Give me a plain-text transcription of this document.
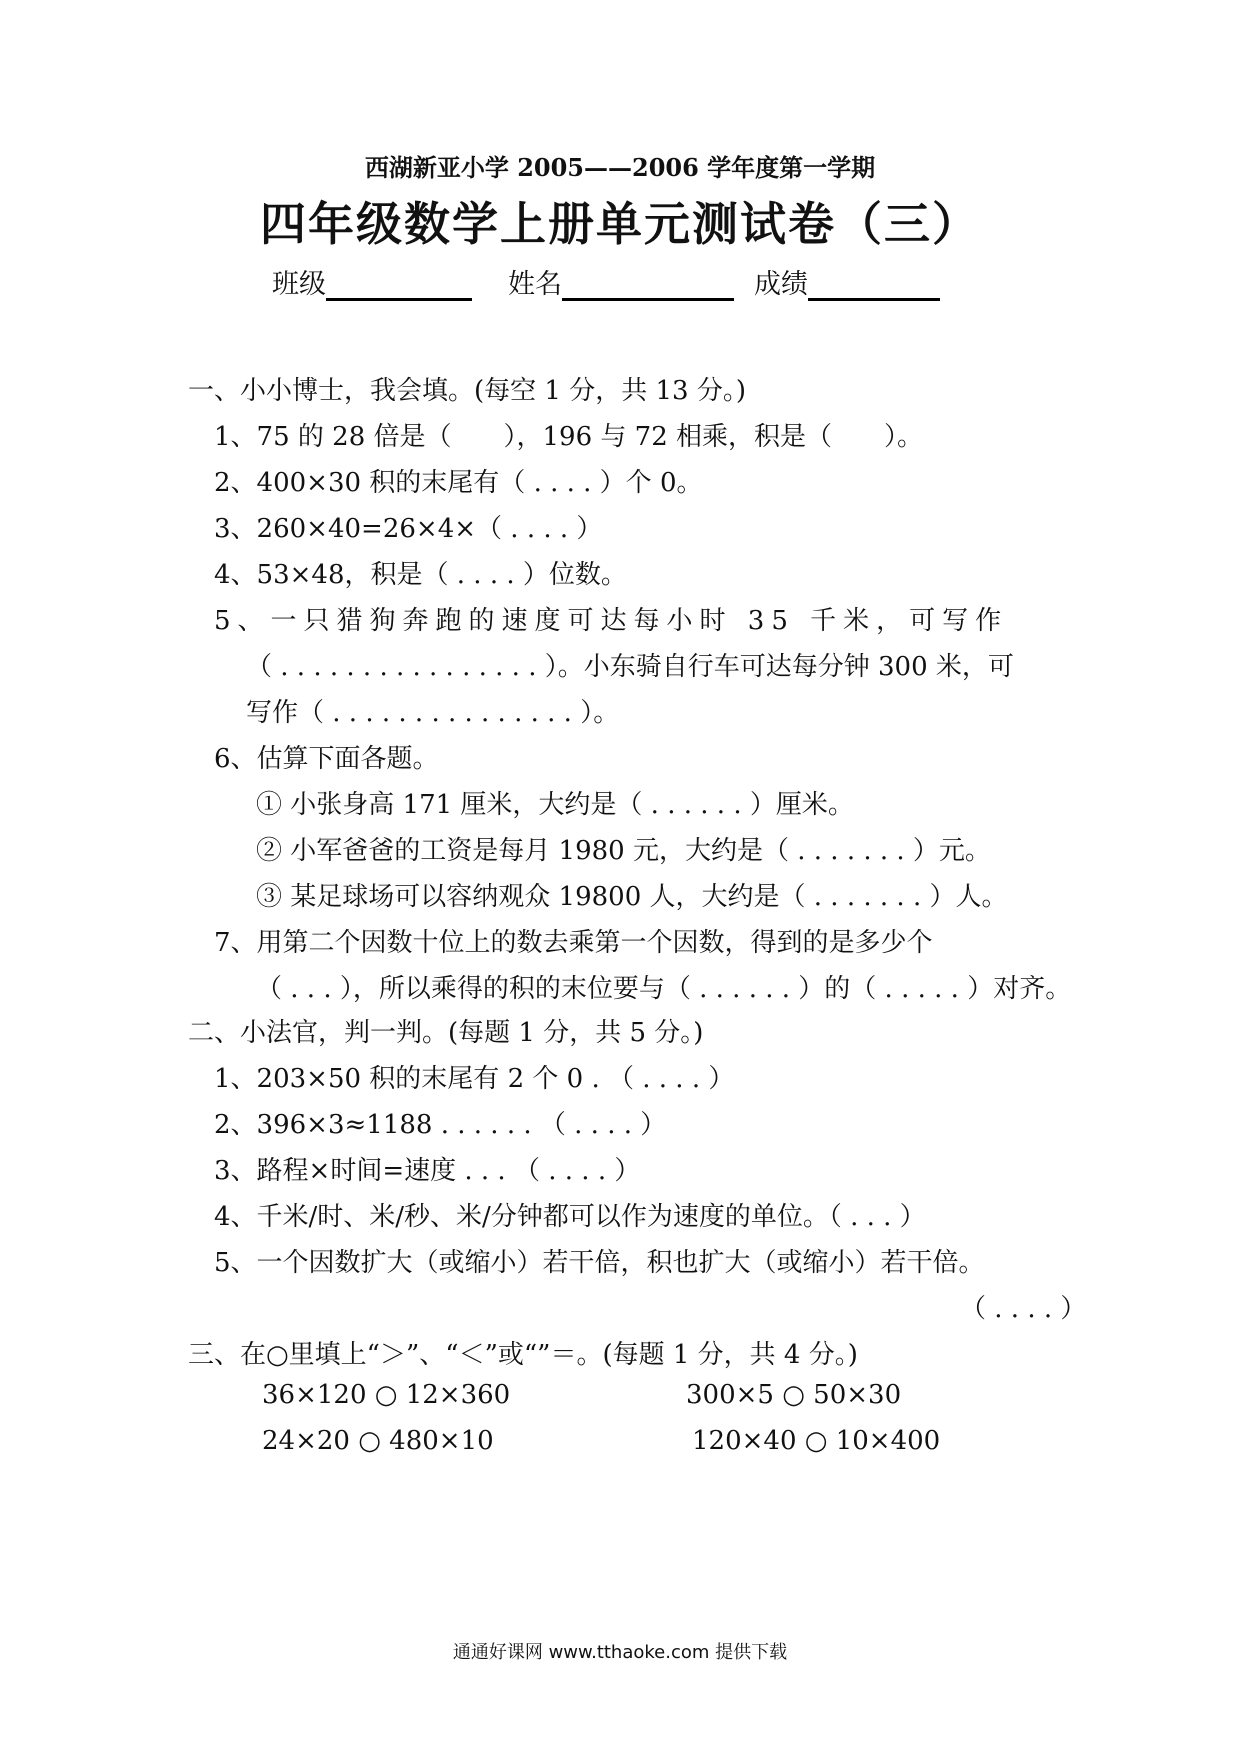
西湖新亚小学 2005——2006 学年度第一学期
四年级数学上册单元测试卷（三）
班级	姓名	成绩
一、小小博士，我会填。(每空 1 分，共 13 分。)
1、75 的 28 倍是（　　），196 与 72 相乘，积是（　　）。
2、400×30 积的末尾有（ . . . . ）个 0。
3、260×40=26×4×（ . . . . ）
4、53×48，积是（ . . . . ）位数。
5、一只猎狗奔跑的速度可达每小时 35 千米，可写作
（ . . . . . . . . . . . . . . . . ）。小东骑自行车可达每分钟 300 米，可
写作（ . . . . . . . . . . . . . . . ）。
6、估算下面各题。
① 小张身高 171 厘米，大约是（ . . . . . . ）厘米。
② 小军爸爸的工资是每月 1980 元，大约是（ . . . . . . . ）元。
③ 某足球场可以容纳观众 19800 人，大约是（ . . . . . . . ）人。
7、用第二个因数十位上的数去乘第一个因数，得到的是多少个
（ . . . ），所以乘得的积的末位要与（ . . . . . . ）的（ . . . . . ）对齐。
二、小法官，判一判。(每题 1 分，共 5 分。)
1、203×50 积的末尾有 2 个 0 . （ . . . . ）
2、396×3≈1188 . . . . . . （ . . . . ）
3、路程×时间=速度 . . . （ . . . . ）
4、千米/时、米/秒、米/分钟都可以作为速度的单位。（ . . . ）
5、一个因数扩大（或缩小）若干倍，积也扩大（或缩小）若干倍。
（ . . . . ）
三、在○里填上“＞”、“＜”或“”＝。(每题 1 分，共 4 分。)
36×120 ○ 12×360	300×5 ○ 50×30
24×20 ○ 480×10	120×40 ○ 10×400
通通好课网 www.tthaoke.com 提供下载
